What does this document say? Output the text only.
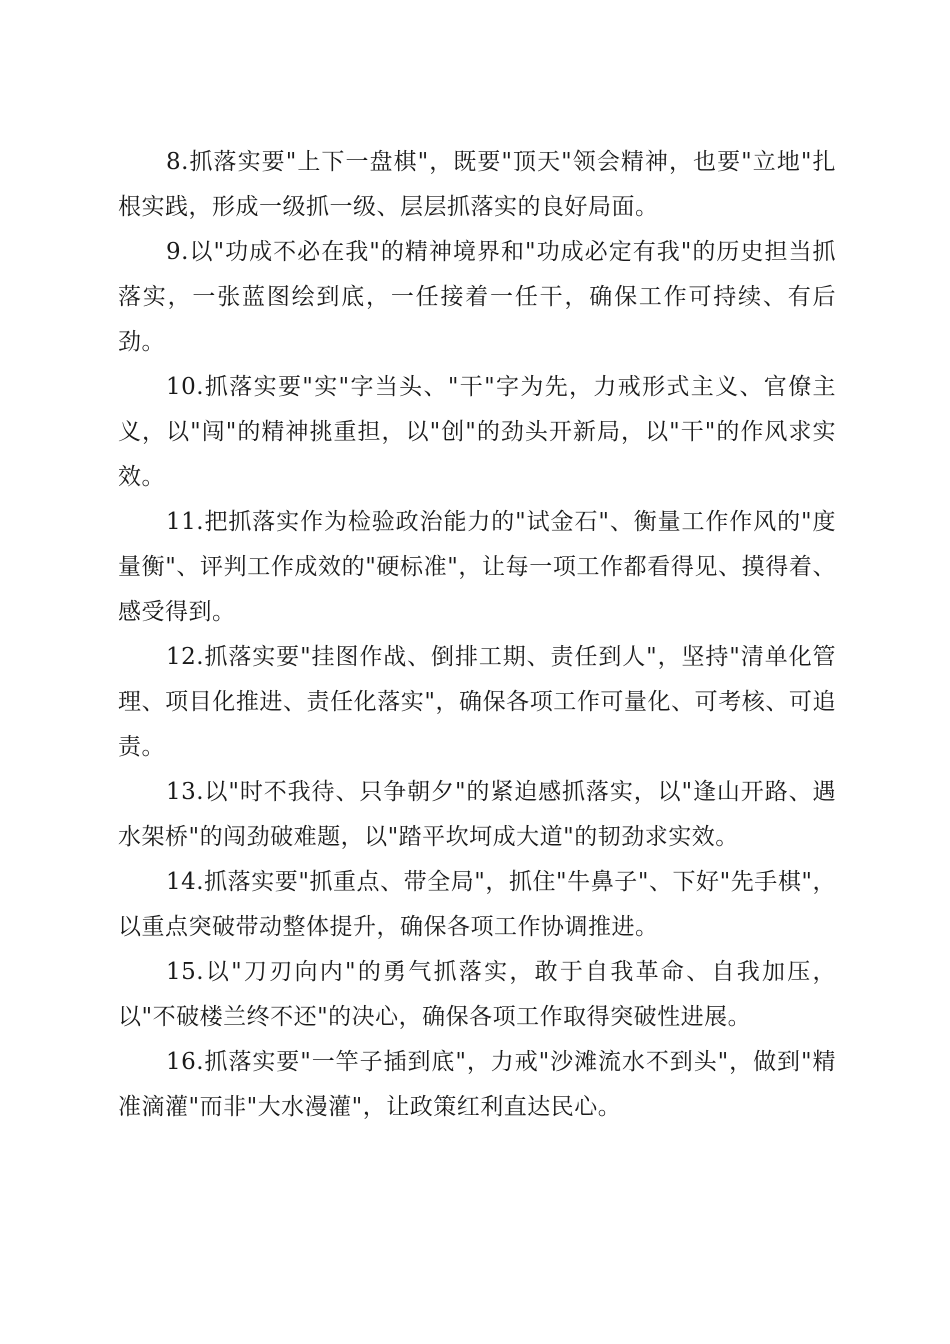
8.抓落实要"上下一盘棋"，既要"顶天"领会精神，也要"立地"扎根实践，形成一级抓一级、层层抓落实的良好局面。

9.以"功成不必在我"的精神境界和"功成必定有我"的历史担当抓落实，一张蓝图绘到底，一任接着一任干，确保工作可持续、有后劲。

10.抓落实要"实"字当头、"干"字为先，力戒形式主义、官僚主义，以"闯"的精神挑重担，以"创"的劲头开新局，以"干"的作风求实效。

11.把抓落实作为检验政治能力的"试金石"、衡量工作作风的"度量衡"、评判工作成效的"硬标准"，让每一项工作都看得见、摸得着、感受得到。

12.抓落实要"挂图作战、倒排工期、责任到人"，坚持"清单化管理、项目化推进、责任化落实"，确保各项工作可量化、可考核、可追责。

13.以"时不我待、只争朝夕"的紧迫感抓落实，以"逢山开路、遇水架桥"的闯劲破难题，以"踏平坎坷成大道"的韧劲求实效。

14.抓落实要"抓重点、带全局"，抓住"牛鼻子"、下好"先手棋"，以重点突破带动整体提升，确保各项工作协调推进。

15.以"刀刃向内"的勇气抓落实，敢于自我革命、自我加压，以"不破楼兰终不还"的决心，确保各项工作取得突破性进展。

16.抓落实要"一竿子插到底"，力戒"沙滩流水不到头"，做到"精准滴灌"而非"大水漫灌"，让政策红利直达民心。
